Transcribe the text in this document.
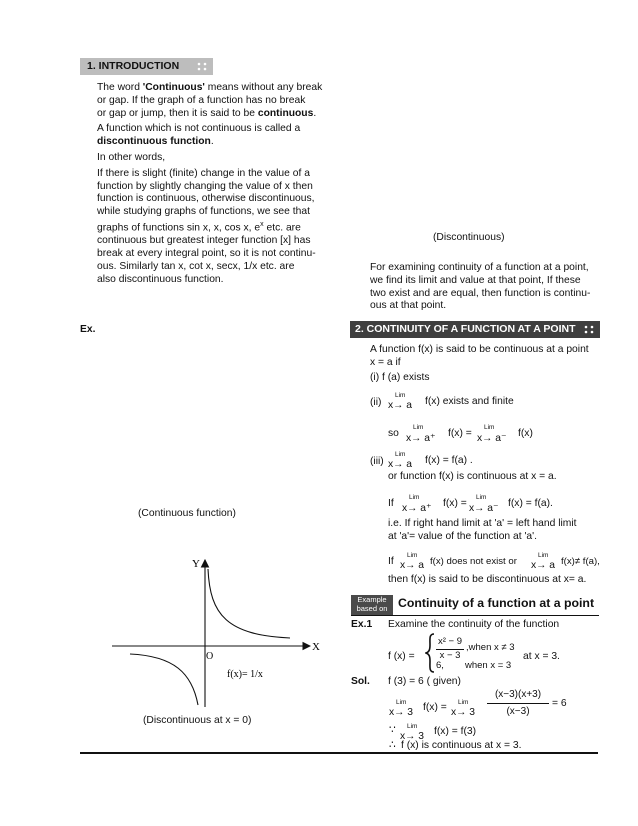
1. INTRODUCTION
The word 'Continuous' means without any break
or gap. If the graph of a function has no break
or gap or jump, then it is said to be continuous.
A function which is not continuous is called a
discontinuous function.
In other words,
If there is slight (finite) change in the value of a
function by slightly changing the value of x then
function is continuous, otherwise discontinuous,
while studying graphs of functions, we see that
graphs of functions sin x, x, cos x, $e^x$ etc. are
continuous but greatest integer function [x] has
break at every integral point, so it is not continu-
ous. Similarly tan x, cot x, secx, 1/x etc. are
also discontinuous function.
Ex.
(Continuous function)
(Discontinuous)
(Discontinuous at x = 0)
Y
X
O
f(x)= 1/x
For examining continuity of a function at a point,
we find its limit and value at that point, If these
two exist and are equal, then function is continu-
ous at that point.
2. CONTINUITY OF A FUNCTION AT A POINT
A function f(x) is said to be continuous at a point
x = a if
(i) f (a) exists
(ii)
Lim
x→ a f(x) exists and finite
so
Lim
x→ a⁺ f(x) =
Lim
x→ a⁻ f(x)
(iii)
Lim
x→ a f(x) = f(a) .
or function f(x) is continuous at x = a.
If
Lim
x→ a⁺ f(x) =
Lim
x→ a⁻ f(x) = f(a).
i.e. If right hand limit at 'a' = left hand limit
at 'a'= value of the function at 'a'.
If
Lim
x→ a f(x) does not exist or
Lim
x→ a f(x)≠ f(a),
then f(x) is said to be discontinuous at x= a.
Example
based on Continuity of a function at a point
Ex.1 Examine the continuity of the function
f (x) =
x² − 9
x − 3
,when x ≠ 3
6, when x = 3
at x = 3.
Sol. f (3) = 6 ( given)
Lim
x→ 3 f(x) = Lim
x→ 3
(x−3)(x+3)
(x−3)
= 6
∵ Lim
x→ 3 f(x) = f(3)
∴ f (x) is continuous at x = 3.
